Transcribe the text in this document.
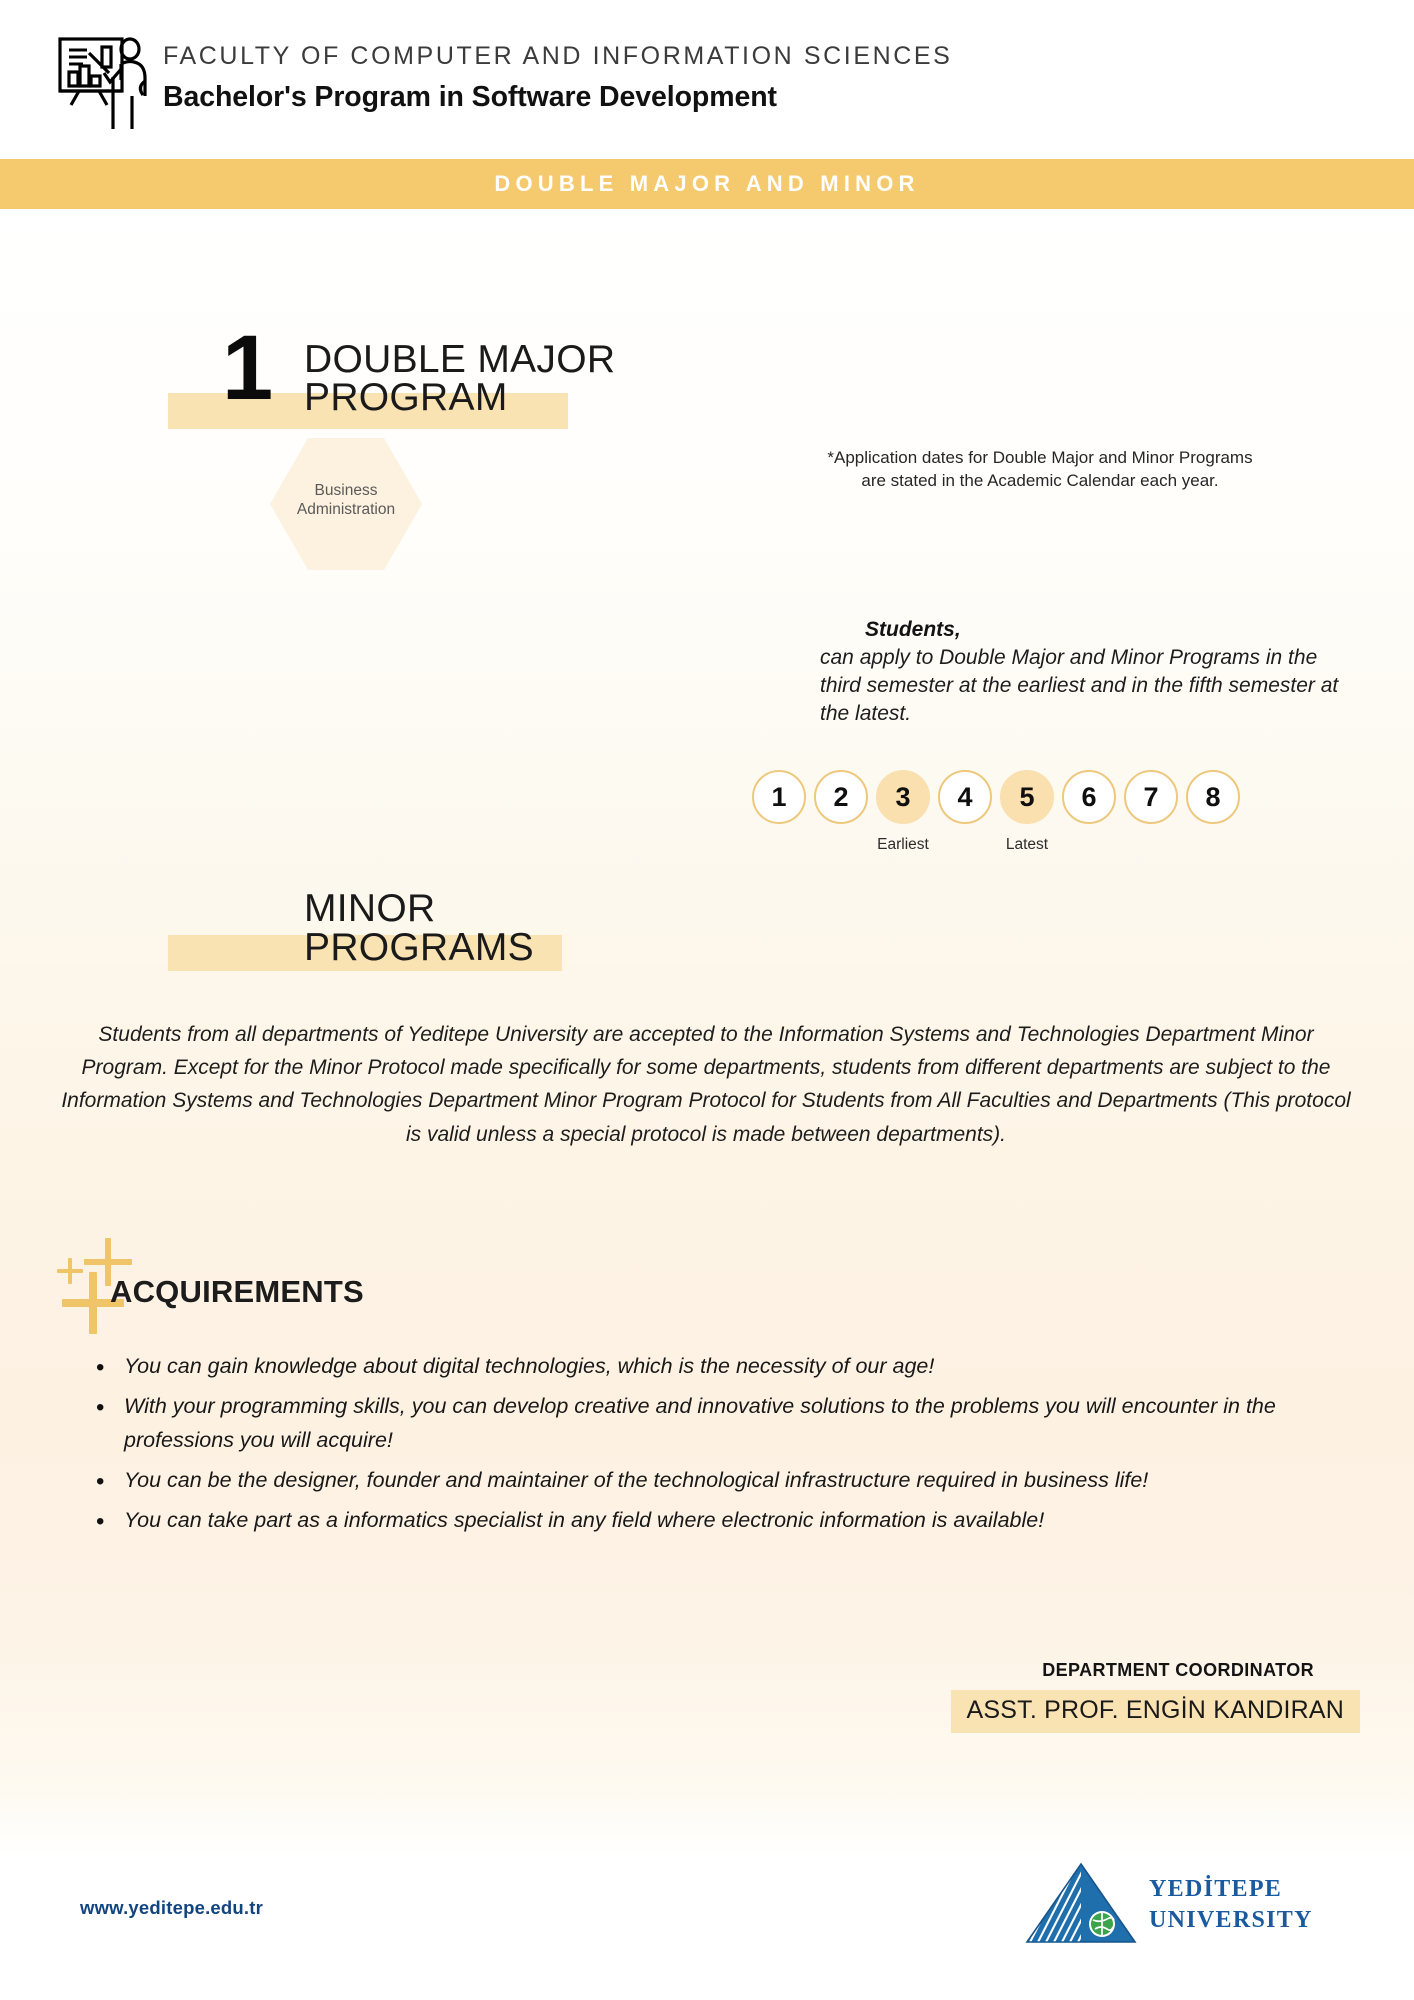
FACULTY OF COMPUTER AND INFORMATION SCIENCES
Bachelor's Program in Software Development
DOUBLE MAJOR AND MINOR
1 DOUBLE MAJOR
PROGRAM
Business
Administration
*Application dates for Double Major and Minor Programs
are stated in the Academic Calendar each year.
Students,
can apply to Double Major and Minor Programs in the third semester at the earliest and in the fifth semester at the latest.
1	2	3
Earliest
4	5
Latest
6	7	8
MINOR
PROGRAMS
Students from all departments of Yeditepe University are accepted to the Information Systems and Technologies Department Minor Program. Except for the Minor Protocol made specifically for some departments, students from different departments are subject to the Information Systems and Technologies Department Minor Program Protocol for Students from All Faculties and Departments (This protocol is valid unless a special protocol is made between departments).
ACQUIREMENTS
• You can gain knowledge about digital technologies, which is the necessity of our age!
• With your programming skills, you can develop creative and innovative solutions to the problems you will encounter in the professions you will acquire!
• You can be the designer, founder and maintainer of the technological infrastructure required in business life!
• You can take part as a informatics specialist in any field where electronic information is available!
DEPARTMENT COORDINATOR
ASST. PROF. ENGİN KANDIRAN
www.yeditepe.edu.tr
YEDİTEPE
UNIVERSITY
